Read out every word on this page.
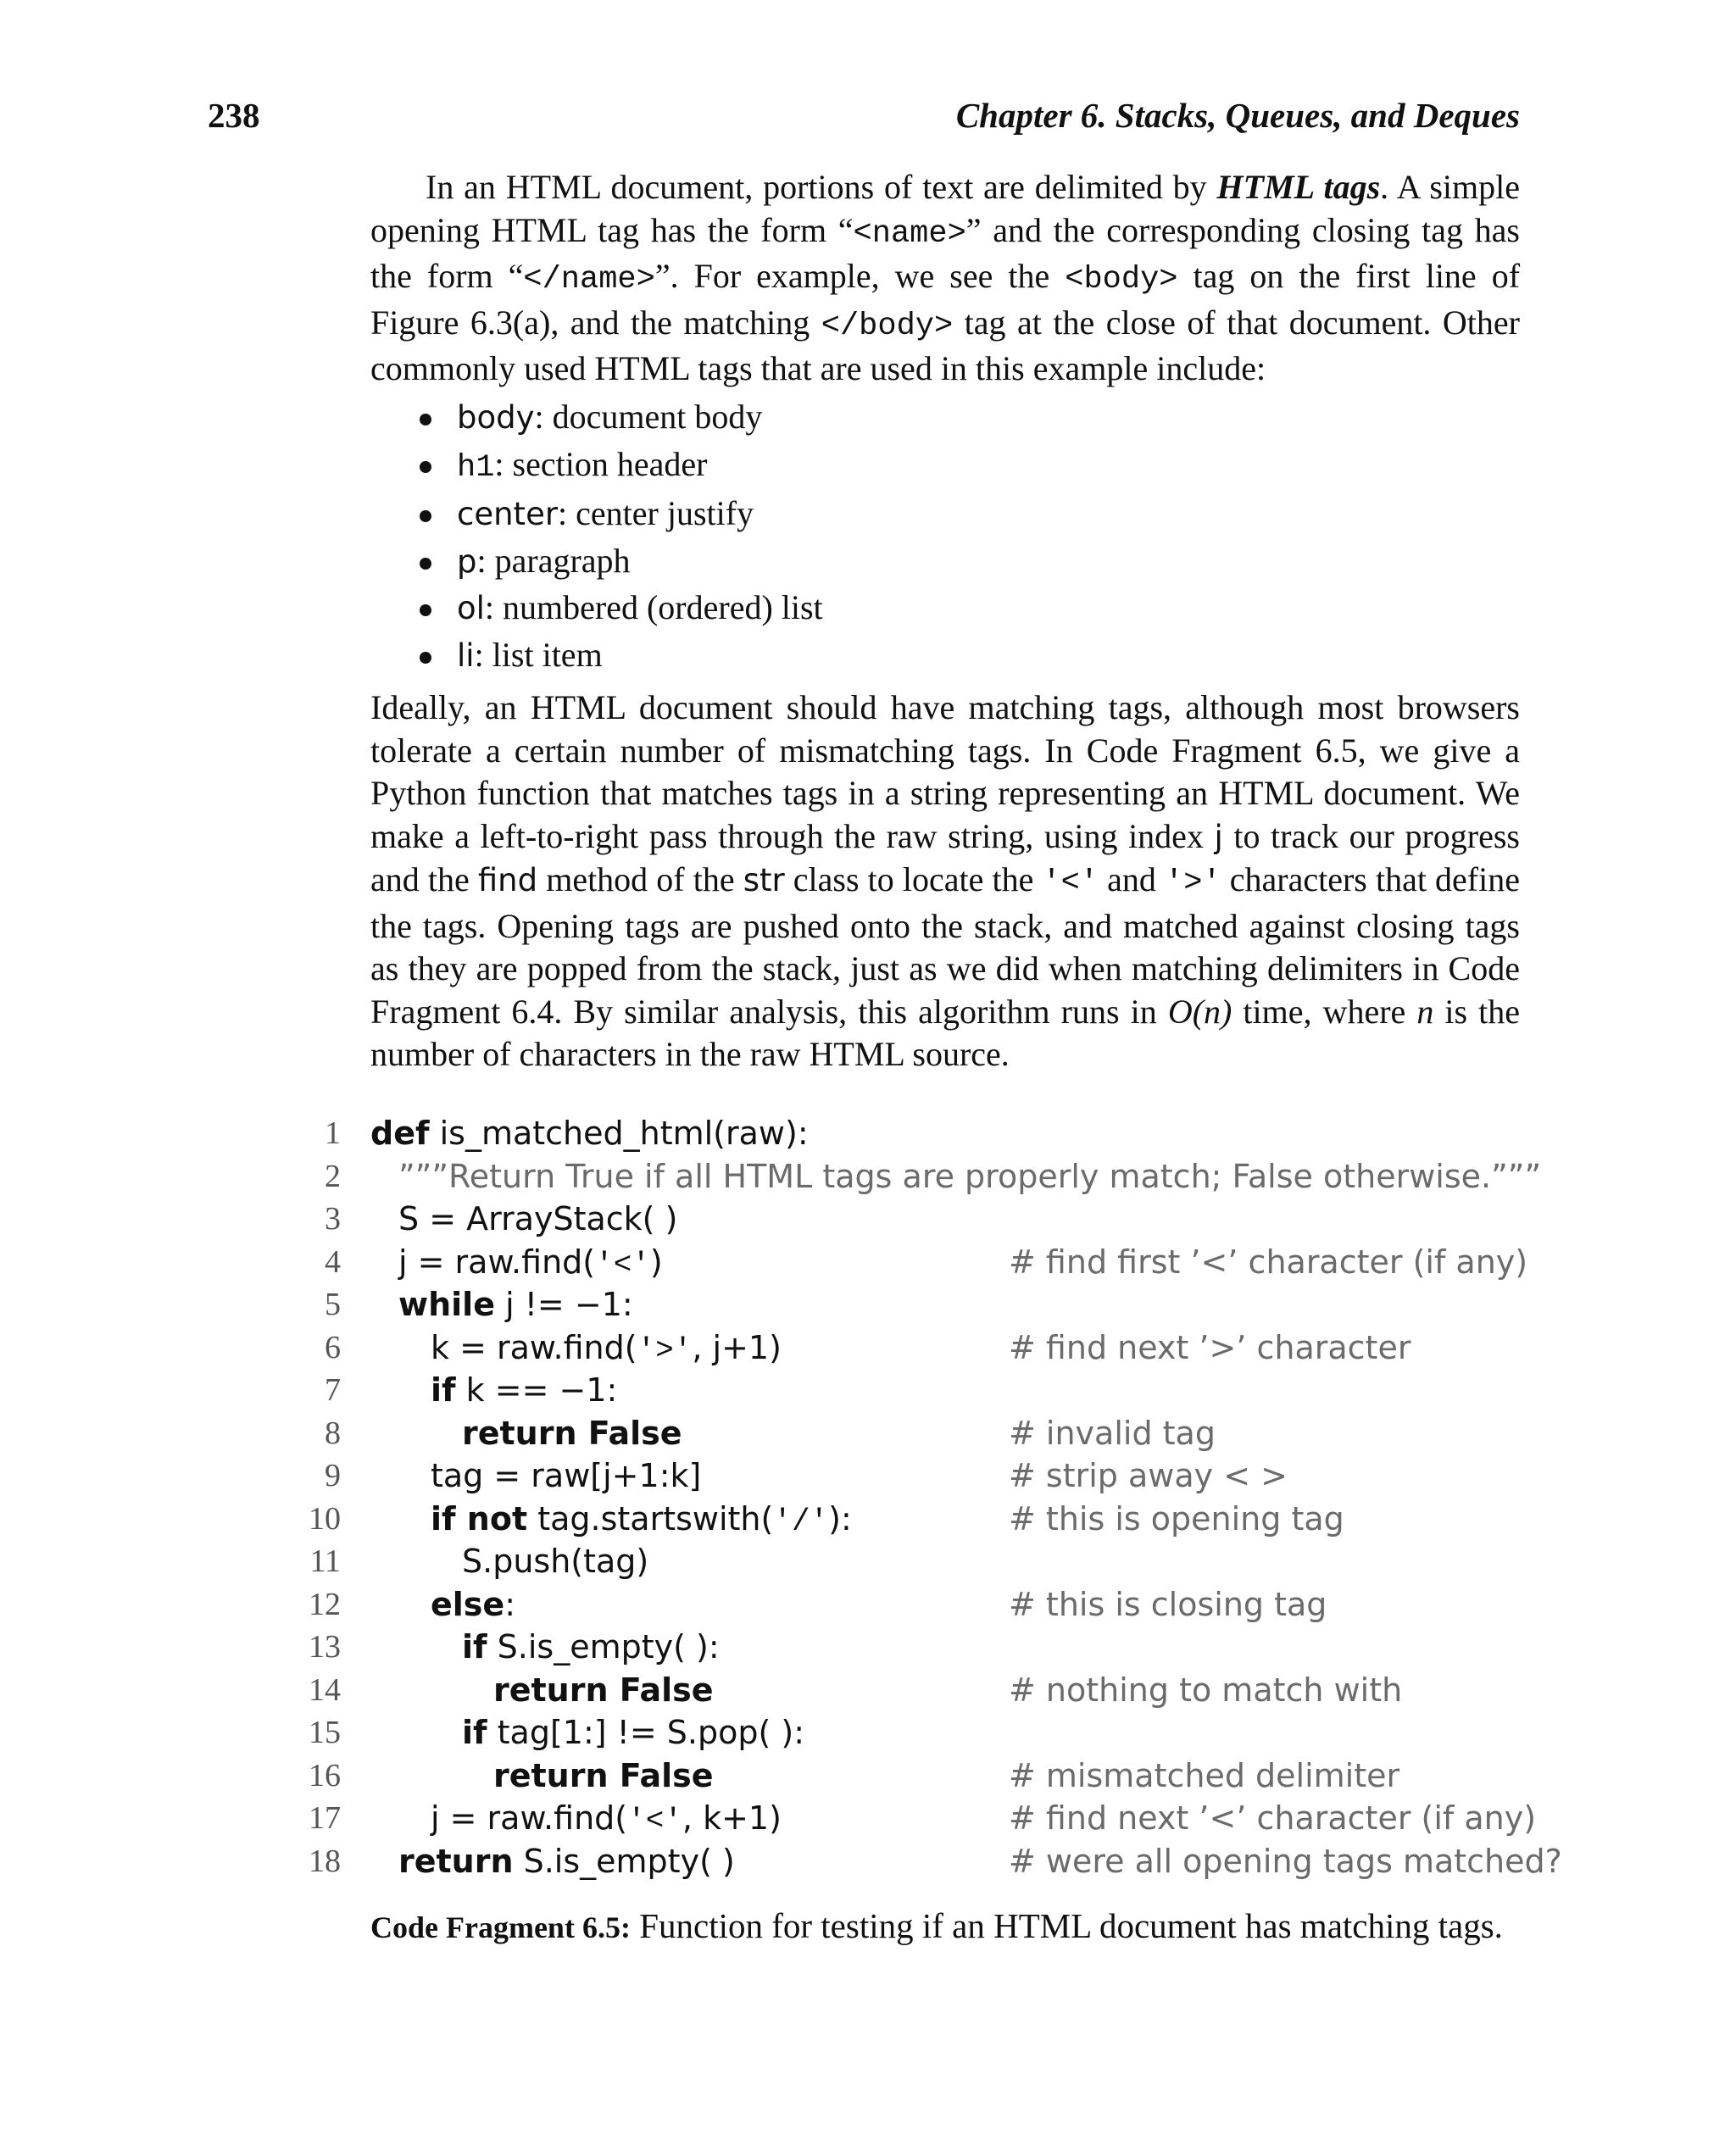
238	Chapter 6. Stacks, Queues, and Deques
In an HTML document, portions of text are delimited by HTML tags. A simple opening HTML tag has the form “<name>” and the corresponding closing tag has the form “</name>”. For example, we see the <body> tag on the first line of Figure 6.3(a), and the matching </body> tag at the close of that document. Other commonly used HTML tags that are used in this example include:
body: document body
h1: section header
center: center justify
p: paragraph
ol: numbered (ordered) list
li: list item
Ideally, an HTML document should have matching tags, although most browsers tolerate a certain number of mismatching tags. In Code Fragment 6.5, we give a Python function that matches tags in a string representing an HTML document. We make a left-to-right pass through the raw string, using index j to track our progress and the find method of the str class to locate the '<' and '>' characters that define the tags. Opening tags are pushed onto the stack, and matched against closing tags as they are popped from the stack, just as we did when matching delimiters in Code Fragment 6.4. By similar analysis, this algorithm runs in O(n) time, where n is the number of characters in the raw HTML source.
1 def is_matched_html(raw):
2 ”””Return True if all HTML tags are properly match; False otherwise.”””
3 S = ArrayStack( )
4 j = raw.find('<')	# find first ’<’ character (if any)
5 while j != −1:
6	k = raw.find('>', j+1)	# find next ’>’ character
7	if k == −1:
8	return False	# invalid tag
9	tag = raw[j+1:k]	# strip away < >
10	if not tag.startswith('/'):	# this is opening tag
11	S.push(tag)
12	else:	# this is closing tag
13	if S.is_empty( ):
14	return False	# nothing to match with
15	if tag[1:] != S.pop( ):
16	return False	# mismatched delimiter
17	j = raw.find('<', k+1)	# find next ’<’ character (if any)
18 return S.is_empty( )	# were all opening tags matched?
Code Fragment 6.5: Function for testing if an HTML document has matching tags.
